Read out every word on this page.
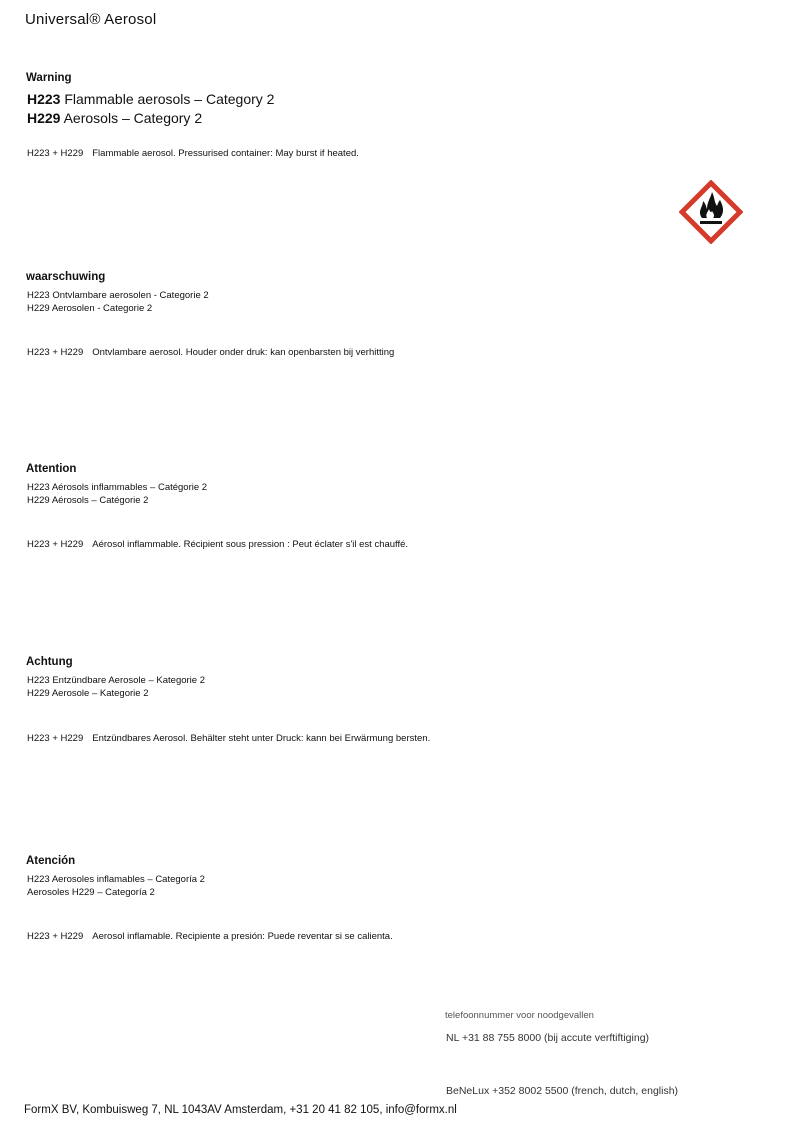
Universal® Aerosol
Warning
H223 Flammable aerosols – Category 2
H229 Aerosols – Category 2
H223 + H229 Flammable aerosol. Pressurised container: May burst if heated.
waarschuwing
H223 Ontvlambare aerosolen - Categorie 2
H229 Aerosolen - Categorie 2
H223 + H229 Ontvlambare aerosol. Houder onder druk: kan openbarsten bij verhitting
Attention
H223 Aérosols inflammables – Catégorie 2
H229 Aérosols – Catégorie 2
H223 + H229 Aérosol inflammable. Récipient sous pression : Peut éclater s'il est chauffé.
Achtung
H223 Entzündbare Aerosole – Kategorie 2
H229 Aerosole – Kategorie 2
H223 + H229 Entzündbares Aerosol. Behälter steht unter Druck: kann bei Erwärmung bersten.
Atención
H223 Aerosoles inflamables – Categoría 2
Aerosoles H229 – Categoría 2
H223 + H229 Aerosol inflamable. Recipiente a presión: Puede reventar si se calienta.
telefoonnummer voor noodgevallen
NL +31 88 755 8000 (bij accute verftiftiging)
BeNeLux +352 8002 5500 (french, dutch, english)
FormX BV, Kombuisweg 7, NL 1043AV Amsterdam, +31 20 41 82 105, info@formx.nl
